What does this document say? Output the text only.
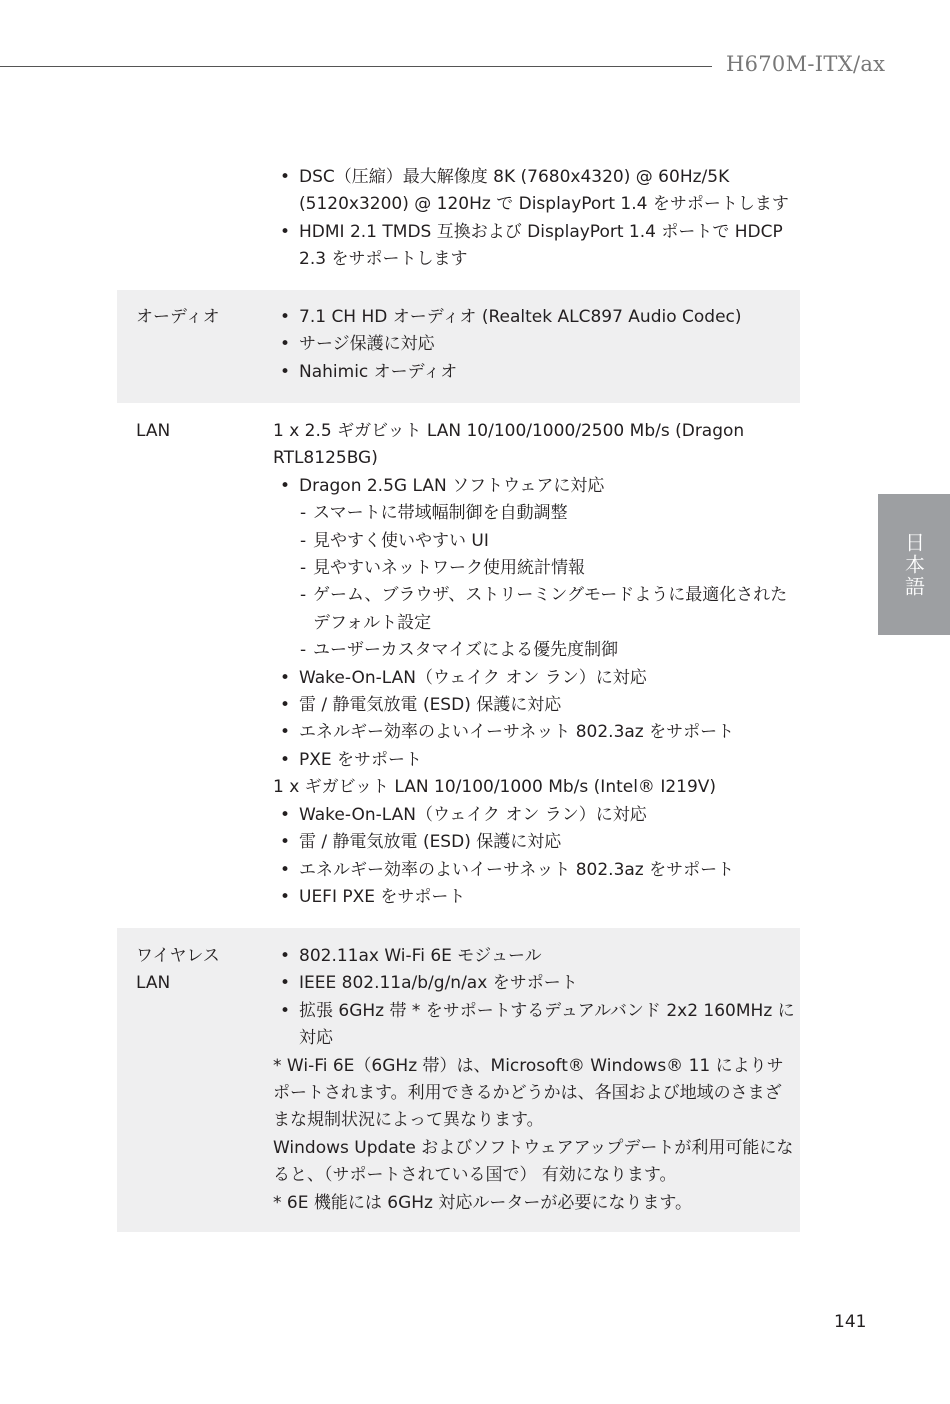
H670M-ITX/ax
日本語

• DSC（圧縮）最大解像度 8K (7680x4320) @ 60Hz/5K (5120x3200) @ 120Hz で DisplayPort 1.4 をサポートします

• HDMI 2.1 TMDS 互換および DisplayPort 1.4 ポートで HDCP 2.3 をサポートします

オーディオ

•	7.1 CH HD オーディオ (Realtek ALC897 Audio Codec)

• サージ保護に対応

• Nahimic オーディオ

LAN	1 x 2.5 ギガビット LAN 10/100/1000/2500 Mb/s (Dragon RTL8125BG)

• Dragon 2.5G LAN ソフトウェアに対応

- スマートに帯域幅制御を自動調整

- 見やすく使いやすい UI

- 見やすいネットワーク使用統計情報

- ゲーム、ブラウザ、ストリーミングモードように最適化されたデフォルト設定

- ユーザーカスタマイズによる優先度制御

• Wake-On-LAN（ウェイク オン ラン）に対応

• 雷 / 静電気放電 (ESD) 保護に対応

• エネルギー効率のよいイーサネット 802.3az をサポート

• PXE をサポート

1 x ギガビット LAN 10/100/1000 Mb/s (Intel® I219V)

• Wake-On-LAN（ウェイク オン ラン）に対応

• 雷 / 静電気放電 (ESD) 保護に対応

• エネルギー効率のよいイーサネット 802.3az をサポート

• UEFI PXE をサポート

ワイヤレス
LAN

• 802.11ax Wi-Fi 6E モジュール

• IEEE 802.11a/b/g/n/ax をサポート

• 拡張 6GHz 帯 * をサポートするデュアルバンド 2x2 160MHz に対応

* Wi-Fi 6E（6GHz 帯）は、Microsoft® Windows® 11 によりサポートされます。利用できるかどうかは、各国および地域のさまざまな規制状況によって異なります。

Windows Update およびソフトウェアアップデートが利用可能になると、（サポートされている国で） 有効になります。

* 6E 機能には 6GHz 対応ルーターが必要になります。

141
